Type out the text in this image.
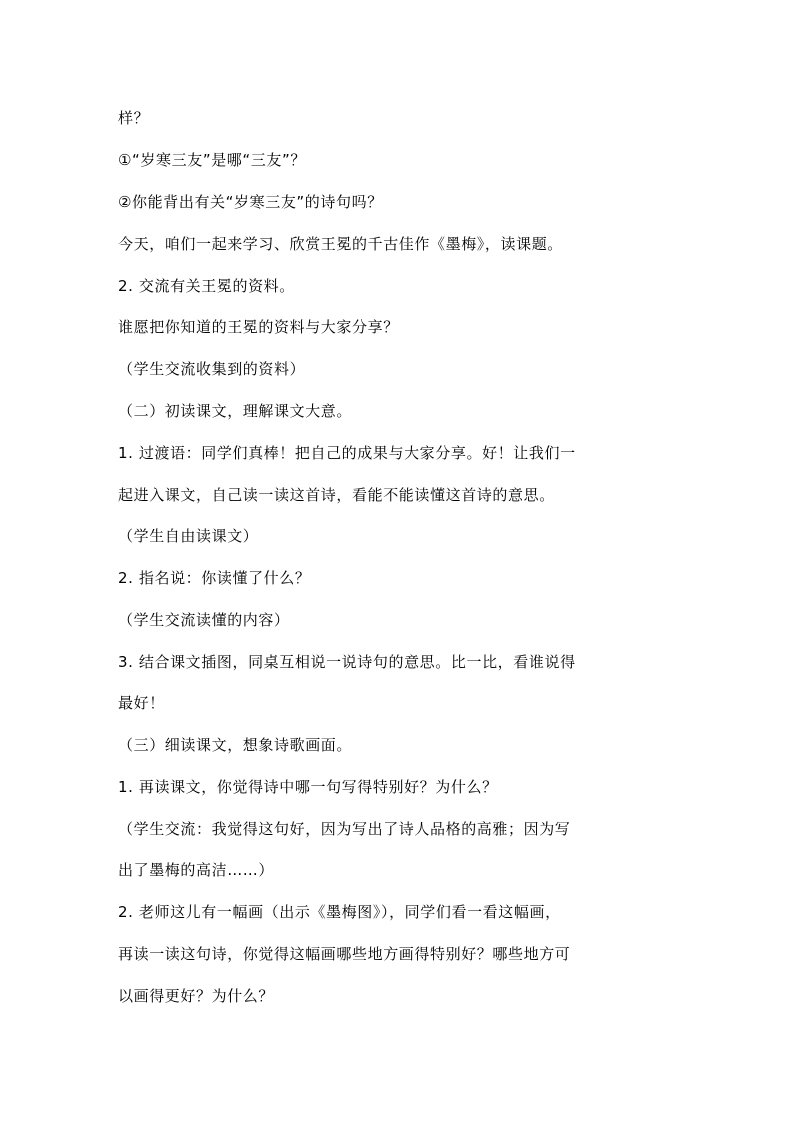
样？
①“岁寒三友”是哪“三友”？
②你能背出有关“岁寒三友”的诗句吗？
今天，咱们一起来学习、欣赏王冕的千古佳作《墨梅》，读课题。
2. 交流有关王冕的资料。
谁愿把你知道的王冕的资料与大家分享？
（学生交流收集到的资料）
（二）初读课文，理解课文大意。
1. 过渡语：同学们真棒！把自己的成果与大家分享。好！让我们一
起进入课文，自己读一读这首诗，看能不能读懂这首诗的意思。
（学生自由读课文）
2. 指名说：你读懂了什么？
（学生交流读懂的内容）
3. 结合课文插图，同桌互相说一说诗句的意思。比一比，看谁说得
最好！
（三）细读课文，想象诗歌画面。
1. 再读课文，你觉得诗中哪一句写得特别好？为什么？
（学生交流：我觉得这句好，因为写出了诗人品格的高雅；因为写
出了墨梅的高洁……）
2. 老师这儿有一幅画（出示《墨梅图》），同学们看一看这幅画，
再读一读这句诗，你觉得这幅画哪些地方画得特别好？哪些地方可
以画得更好？为什么？
